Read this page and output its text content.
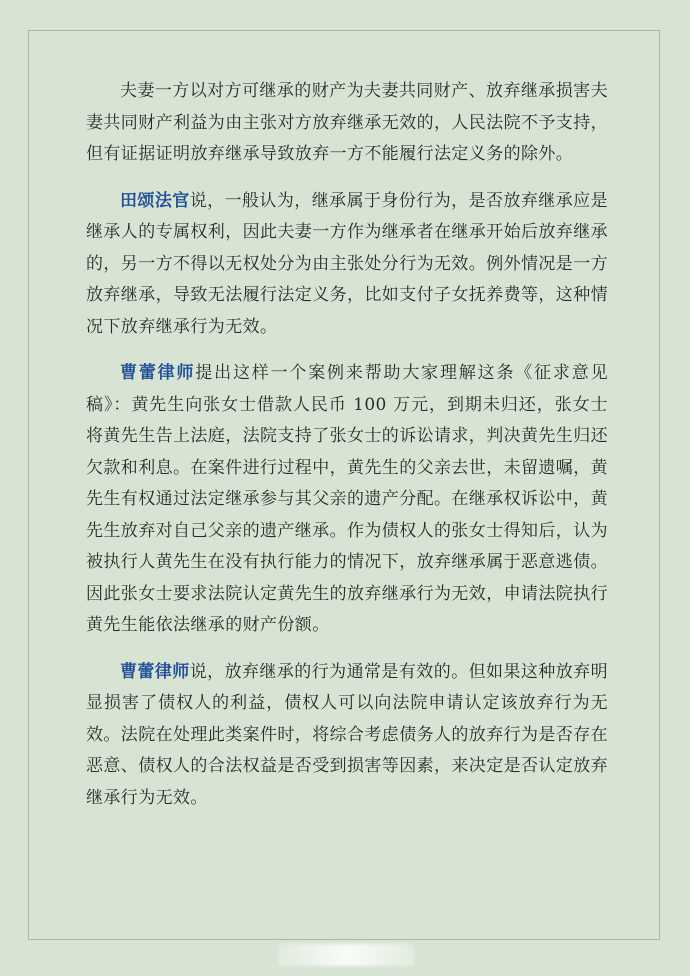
夫妻一方以对方可继承的财产为夫妻共同财产、放弃继承损害夫妻共同财产利益为由主张对方放弃继承无效的，人民法院不予支持，但有证据证明放弃继承导致放弃一方不能履行法定义务的除外。

田颂法官说，一般认为，继承属于身份行为，是否放弃继承应是继承人的专属权利，因此夫妻一方作为继承者在继承开始后放弃继承的，另一方不得以无权处分为由主张处分行为无效。例外情况是一方放弃继承，导致无法履行法定义务，比如支付子女抚养费等，这种情况下放弃继承行为无效。

曹蕾律师提出这样一个案例来帮助大家理解这条《征求意见稿》：黄先生向张女士借款人民币 100 万元，到期未归还，张女士将黄先生告上法庭，法院支持了张女士的诉讼请求，判决黄先生归还欠款和利息。在案件进行过程中，黄先生的父亲去世，未留遗嘱，黄先生有权通过法定继承参与其父亲的遗产分配。在继承权诉讼中，黄先生放弃对自己父亲的遗产继承。作为债权人的张女士得知后，认为被执行人黄先生在没有执行能力的情况下，放弃继承属于恶意逃债。因此张女士要求法院认定黄先生的放弃继承行为无效，申请法院执行黄先生能依法继承的财产份额。

曹蕾律师说，放弃继承的行为通常是有效的。但如果这种放弃明显损害了债权人的利益，债权人可以向法院申请认定该放弃行为无效。法院在处理此类案件时，将综合考虑债务人的放弃行为是否存在恶意、债权人的合法权益是否受到损害等因素，来决定是否认定放弃继承行为无效。
